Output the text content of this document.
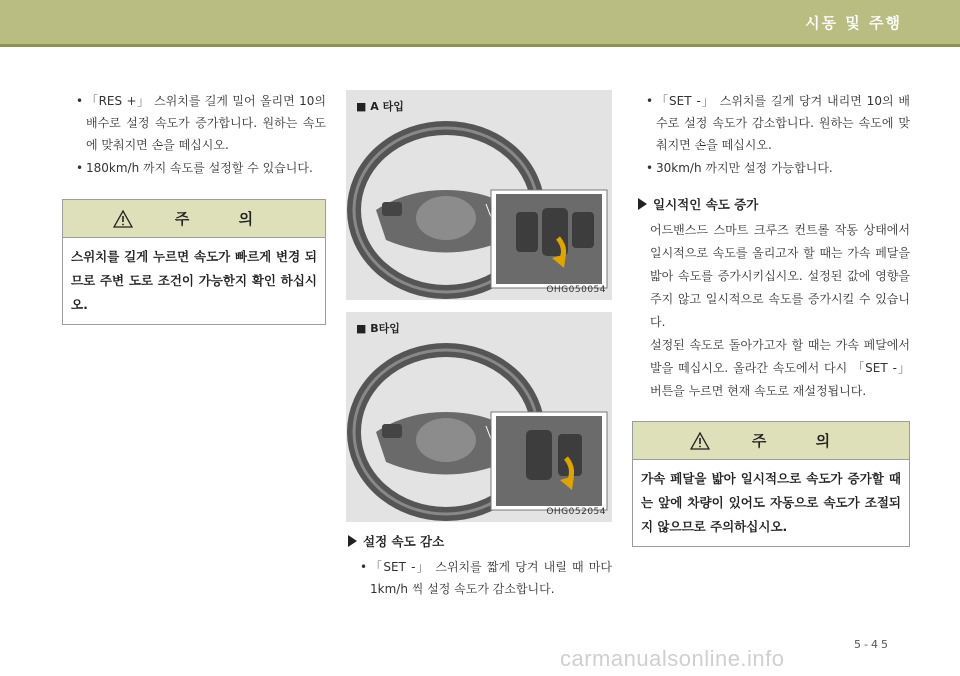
시동 및 주행
• 「RES +」 스위치를 길게 밀어 올리면 10의 배수로 설정 속도가 증가합니다. 원하는 속도에 맞춰지면 손을 떼십시오.
• 180km/h 까지 속도를 설정할 수 있습니다.
주 의
스위치를 길게 누르면 속도가 빠르게 변경 되므로 주변 도로 조건이 가능한지 확인 하십시오.
■ A 타입
OHG050054
■ B타입
OHG052054
설정 속도 감소
• 「SET -」 스위치를 짧게 당겨 내릴 때 마다 1km/h 씩 설정 속도가 감소합니다.
• 「SET -」 스위치를 길게 당겨 내리면 10의 배수로 설정 속도가 감소합니다. 원하는 속도에 맞춰지면 손을 떼십시오.
• 30km/h 까지만 설정 가능합니다.
일시적인 속도 증가

어드밴스드 스마트 크루즈 컨트롤 작동 상태에서 일시적으로 속도를 올리고자 할 때는 가속 페달을 밟아 속도를 증가시키십시오. 설정된 값에 영향을 주지 않고 일시적으로 속도를 증가시킬 수 있습니다.

설정된 속도로 돌아가고자 할 때는 가속 페달에서 발을 떼십시오. 올라간 속도에서 다시 「SET -」 버튼을 누르면 현재 속도로 재설정됩니다.

주 의
가속 페달을 밟아 일시적으로 속도가 증가할 때는 앞에 차량이 있어도 자동으로 속도가 조절되지 않으므로 주의하십시오.
5-45
carmanualsonline.info
